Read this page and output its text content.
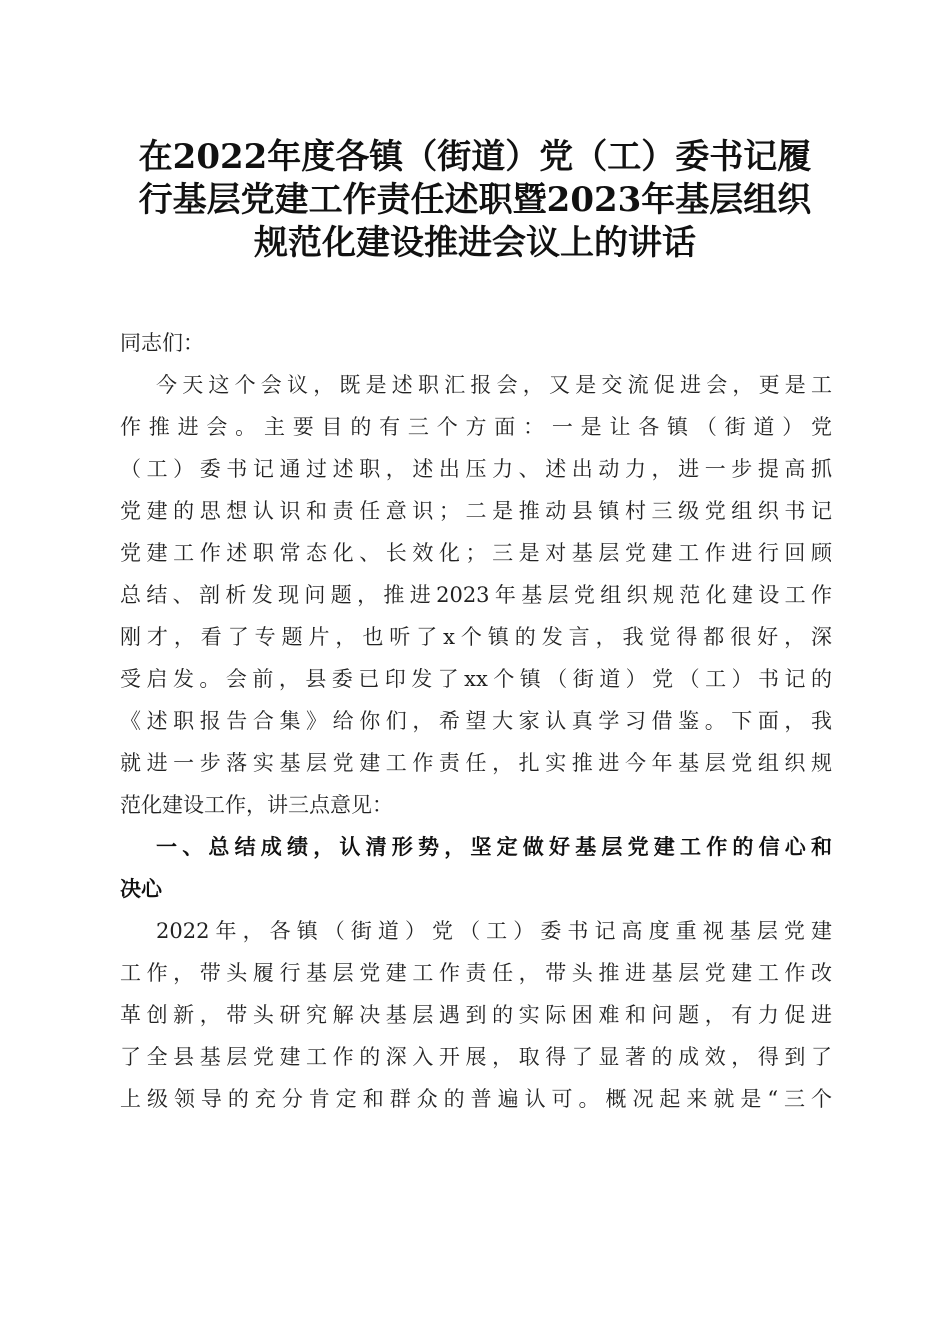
在2022年度各镇（街道）党（工）委书记履
行基层党建工作责任述职暨2023年基层组织
规范化建设推进会议上的讲话
同志们：
今天这个会议，既是述职汇报会，又是交流促进会，更是工
作推进会。主要目的有三个方面：一是让各镇（街道）党
（工）委书记通过述职，述出压力、述出动力，进一步提高抓
党建的思想认识和责任意识；二是推动县镇村三级党组织书记
党建工作述职常态化、长效化；三是对基层党建工作进行回顾
总结、剖析发现问题，推进2023年基层党组织规范化建设工作
刚才，看了专题片，也听了x个镇的发言，我觉得都很好，深
受启发。会前，县委已印发了xx个镇（街道）党（工）书记的
《述职报告合集》给你们，希望大家认真学习借鉴。下面，我
就进一步落实基层党建工作责任，扎实推进今年基层党组织规
范化建设工作，讲三点意见：
一、总结成绩，认清形势，坚定做好基层党建工作的信心和
决心
2022年，各镇（街道）党（工）委书记高度重视基层党建
工作，带头履行基层党建工作责任，带头推进基层党建工作改
革创新，带头研究解决基层遇到的实际困难和问题，有力促进
了全县基层党建工作的深入开展，取得了显著的成效，得到了
上级领导的充分肯定和群众的普遍认可。概况起来就是“三个
